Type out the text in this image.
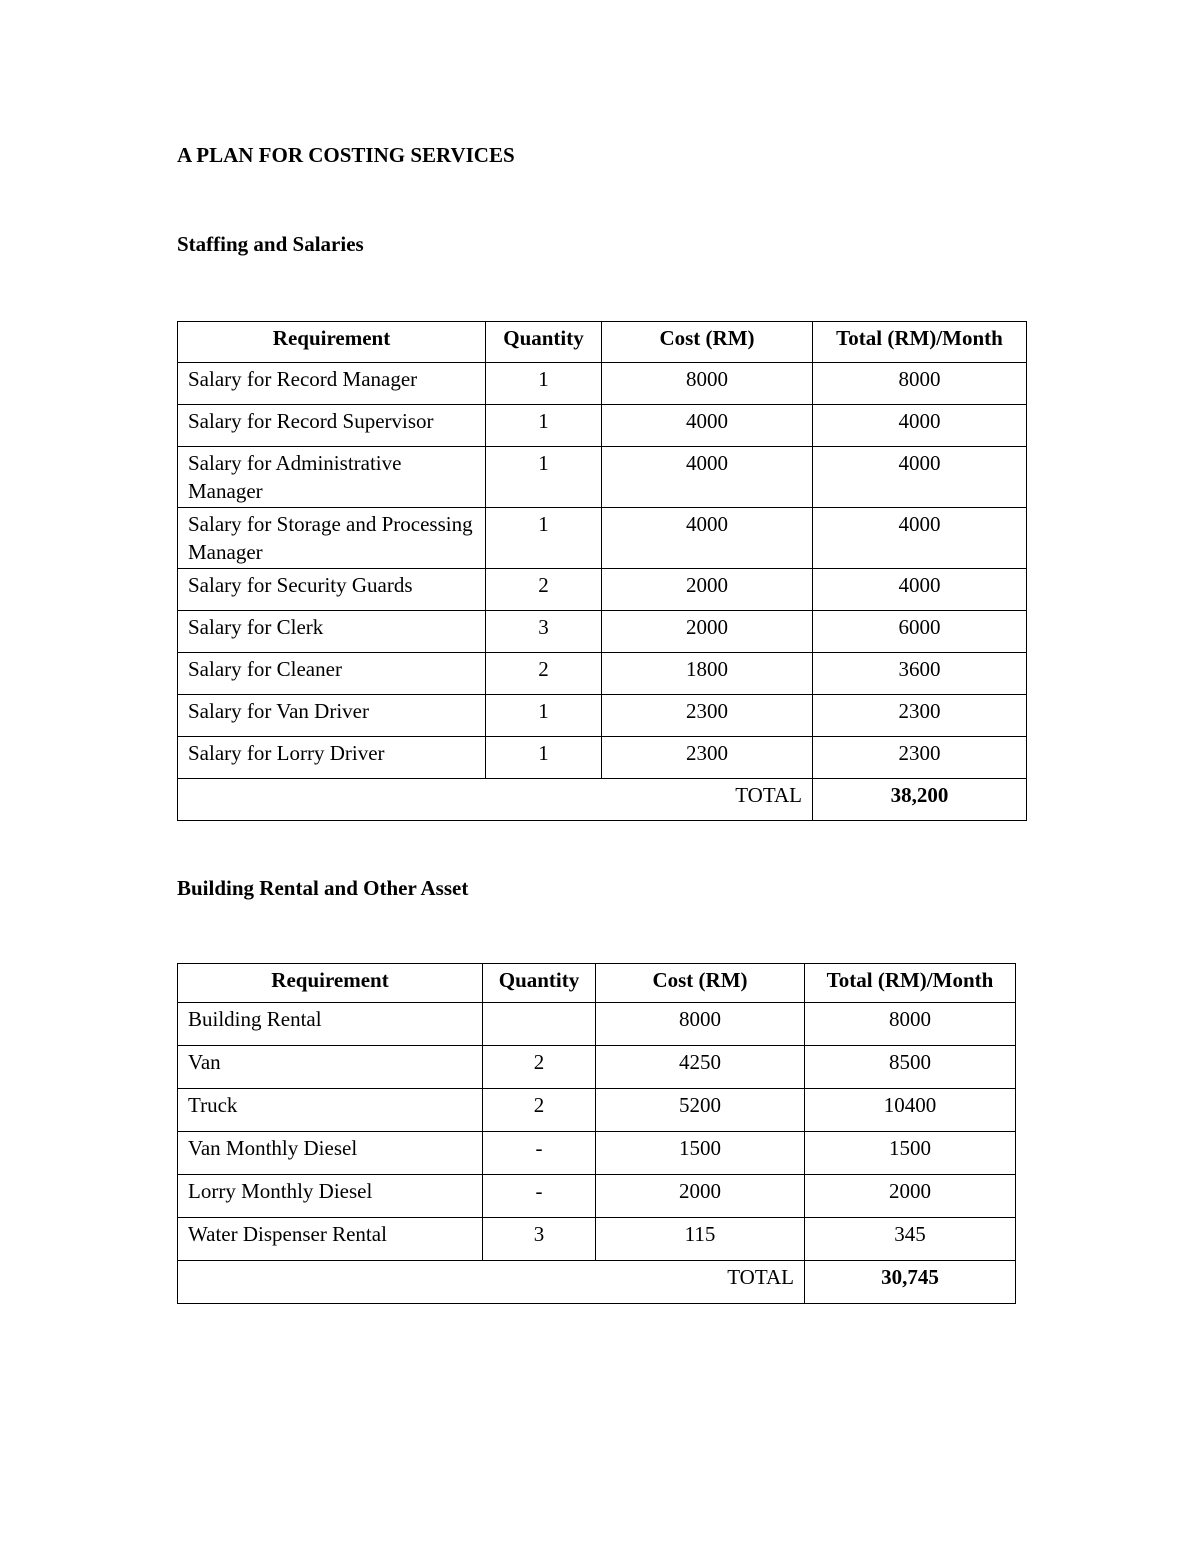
A PLAN FOR COSTING SERVICES
Staffing and Salaries
Requirement	Quantity	Cost (RM)	Total (RM)/Month
Salary for Record Manager	1	8000	8000
Salary for Record Supervisor	1	4000	4000
Salary for Administrative Manager	1	4000	4000
Salary for Storage and Processing Manager	1	4000	4000
Salary for Security Guards	2	2000	4000
Salary for Clerk	3	2000	6000
Salary for Cleaner	2	1800	3600
Salary for Van Driver	1	2300	2300
Salary for Lorry Driver	1	2300	2300
TOTAL			38,200
Building Rental and Other Asset
Requirement	Quantity	Cost (RM)	Total (RM)/Month
Building Rental		8000	8000
Van	2	4250	8500
Truck	2	5200	10400
Van Monthly Diesel	-	1500	1500
Lorry Monthly Diesel	-	2000	2000
Water Dispenser Rental	3	115	345
TOTAL			30,745
